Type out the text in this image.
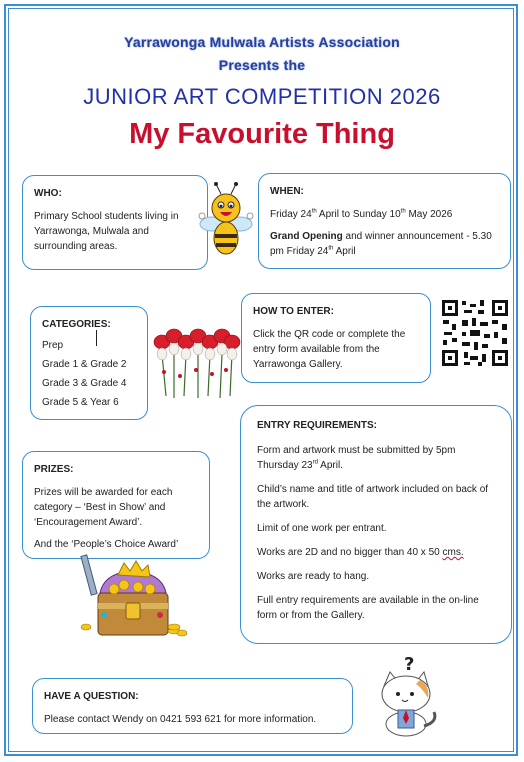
Yarrawonga Mulwala Artists Association
Presents the
JUNIOR ART COMPETITION 2026
My Favourite Thing
WHO:
Primary School students living in Yarrawonga, Mulwala and surrounding areas.
WHEN:

Friday 24th April to Sunday 10th May 2026

Grand Opening and winner announcement - 5.30 pm Friday 24th April

CATEGORIES:
Prep
Grade 1 & Grade 2
Grade 3 & Grade 4
Grade 5 & Year 6
HOW TO ENTER:
Click the QR code or complete the entry form available from the Yarrawonga Gallery.
PRIZES:

Prizes will be awarded for each category – ‘Best in Show’ and ‘Encouragement Award’.

And the ‘People’s Choice Award’

ENTRY REQUIREMENTS:

Form and artwork must be submitted by 5pm Thursday 23rd April.

Child’s name and title of artwork included on back of the artwork.

Limit of one work per entrant.

Works are 2D and no bigger than 40 x 50 cms.

Works are ready to hang.

Full entry requirements are available in the on-line form or from the Gallery.

HAVE A QUESTION:
Please contact Wendy on 0421 593 621 for more information.
?
